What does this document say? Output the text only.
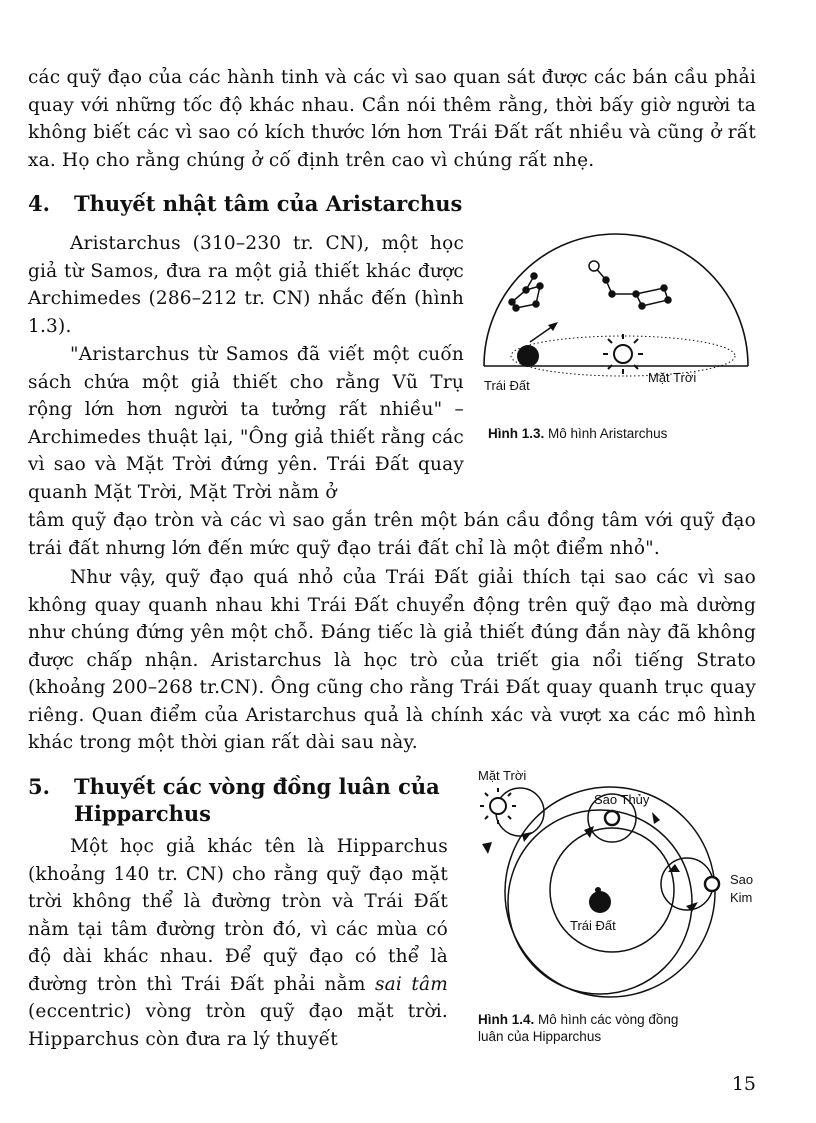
các quỹ đạo của các hành tinh và các vì sao quan sát được các bán cầu phải quay với những tốc độ khác nhau. Cần nói thêm rằng, thời bấy giờ người ta không biết các vì sao có kích thước lớn hơn Trái Đất rất nhiều và cũng ở rất xa. Họ cho rằng chúng ở cố định trên cao vì chúng rất nhẹ.

4. Thuyết nhật tâm của Aristarchus

Aristarchus (310–230 tr. CN), một học giả từ Samos, đưa ra một giả thiết khác được Archimedes (286–212 tr. CN) nhắc đến (hình 1.3).

"Aristarchus từ Samos đã viết một cuốn sách chứa một giả thiết cho rằng Vũ Trụ rộng lớn hơn người ta tưởng rất nhiều" – Archimedes thuật lại, "Ông giả thiết rằng các vì sao và Mặt Trời đứng yên. Trái Đất quay quanh Mặt Trời, Mặt Trời nằm ở

tâm quỹ đạo tròn và các vì sao gắn trên một bán cầu đồng tâm với quỹ đạo trái đất nhưng lớn đến mức quỹ đạo trái đất chỉ là một điểm nhỏ".

Như vậy, quỹ đạo quá nhỏ của Trái Đất giải thích tại sao các vì sao không quay quanh nhau khi Trái Đất chuyển động trên quỹ đạo mà dường như chúng đứng yên một chỗ. Đáng tiếc là giả thiết đúng đắn này đã không được chấp nhận. Aristarchus là học trò của triết gia nổi tiếng Strato (khoảng 200–268 tr.CN). Ông cũng cho rằng Trái Đất quay quanh trục quay riêng. Quan điểm của Aristarchus quả là chính xác và vượt xa các mô hình khác trong một thời gian rất dài sau này.

Trái Đất
Mặt Trời

Hình 1.3. Mô hình Aristarchus

5. Thuyết các vòng đồng luân của
Hipparchus

Một học giả khác tên là Hipparchus (khoảng 140 tr. CN) cho rằng quỹ đạo mặt trời không thể là đường tròn và Trái Đất nằm tại tâm đường tròn đó, vì các mùa có độ dài khác nhau. Để quỹ đạo có thể là đường tròn thì Trái Đất phải nằm sai tâm (eccentric) vòng tròn quỹ đạo mặt trời. Hipparchus còn đưa ra lý thuyết

Mặt Trời
Sao Thủy
Sao
Kim
Trái Đất

Hình 1.4. Mô hình các vòng đồng
luân của Hipparchus

15
